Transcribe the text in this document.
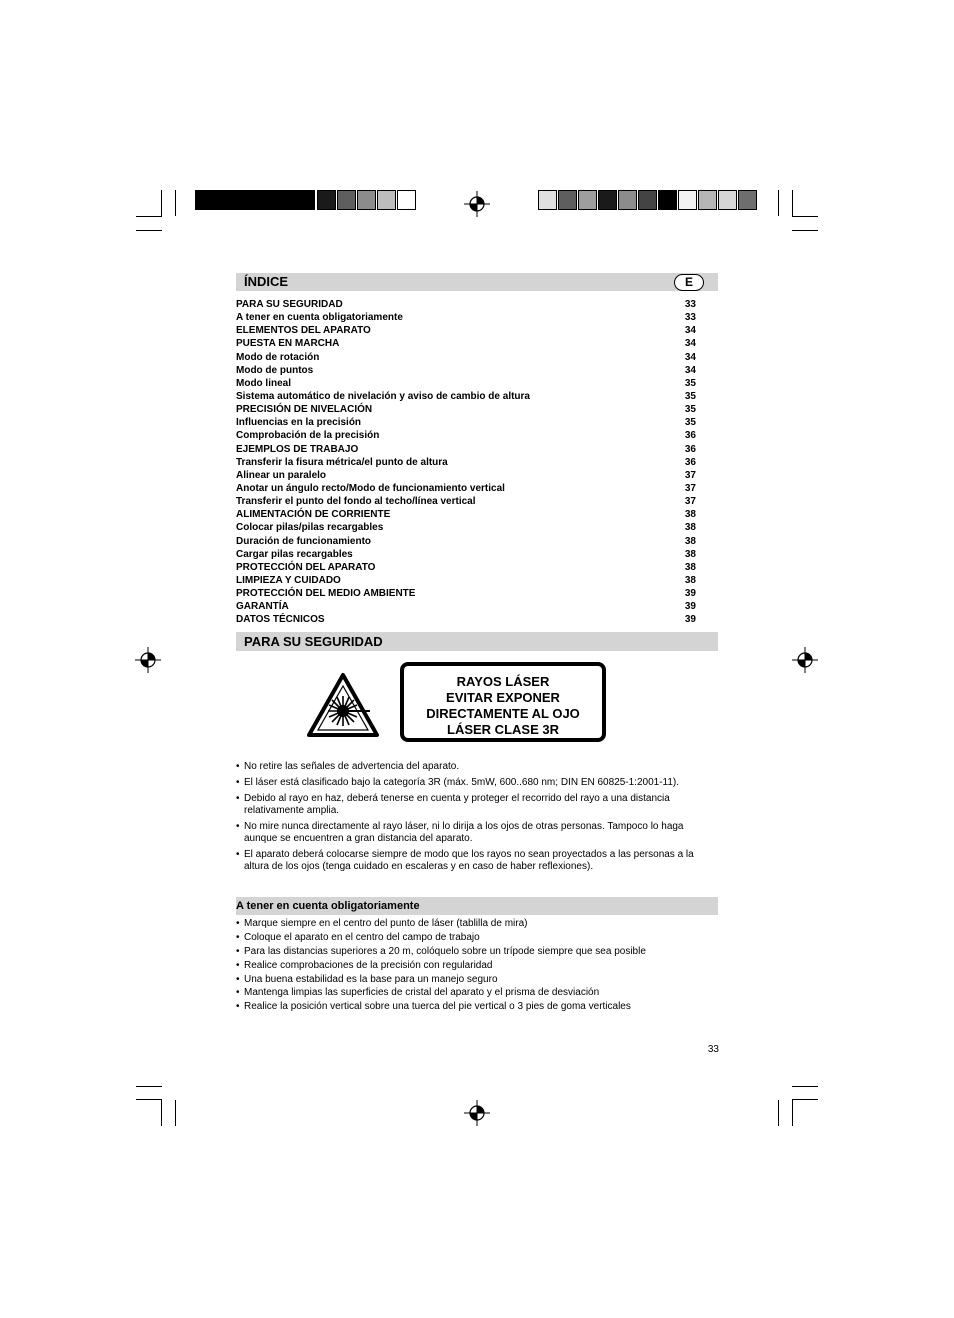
ÍNDICE	E
PARA SU SEGURIDAD	33
A tener en cuenta obligatoriamente	33
ELEMENTOS DEL APARATO	34
PUESTA EN MARCHA	34
Modo de rotación	34
Modo de puntos	34
Modo lineal	35
Sistema automático de nivelación y aviso de cambio de altura	35
PRECISIÓN DE NIVELACIÓN	35
Influencias en la precisión	35
Comprobación de la precisión	36
EJEMPLOS DE TRABAJO	36
Transferir la fisura métrica/el punto de altura	36
Alinear un paralelo	37
Anotar un ángulo recto/Modo de funcionamiento vertical	37
Transferir el punto del fondo al techo/línea vertical	37
ALIMENTACIÓN DE CORRIENTE	38
Colocar pilas/pilas recargables	38
Duración de funcionamiento	38
Cargar pilas recargables	38
PROTECCIÓN DEL APARATO	38
LIMPIEZA Y CUIDADO	38
PROTECCIÓN DEL MEDIO AMBIENTE	39
GARANTÍA	39
DATOS TÉCNICOS	39
PARA SU SEGURIDAD
RAYOS LÁSER
EVITAR EXPONER
DIRECTAMENTE AL OJO
LÁSER CLASE 3R
• No retire las señales de advertencia del aparato.
• El láser está clasificado bajo la categoría 3R (máx. 5mW, 600..680 nm; DIN EN 60825-1:2001-11).
• Debido al rayo en haz, deberá tenerse en cuenta y proteger el recorrido del rayo a una distancia relativamente amplia.
• No mire nunca directamente al rayo láser, ni lo dirija a los ojos de otras personas. Tampoco lo haga aunque se encuentren a gran distancia del aparato.
• El aparato deberá colocarse siempre de modo que los rayos no sean proyectados a las personas a la altura de los ojos (tenga cuidado en escaleras y en caso de haber reflexiones).
A tener en cuenta obligatoriamente
• Marque siempre en el centro del punto de láser (tablilla de mira)
• Coloque el aparato en el centro del campo de trabajo
• Para las distancias superiores a 20 m, colóquelo sobre un trípode siempre que sea posible
• Realice comprobaciones de la precisión con regularidad
• Una buena estabilidad es la base para un manejo seguro
• Mantenga limpias las superficies de cristal del aparato y el prisma de desviación
• Realice la posición vertical sobre una tuerca del pie vertical o 3 pies de goma verticales
33
